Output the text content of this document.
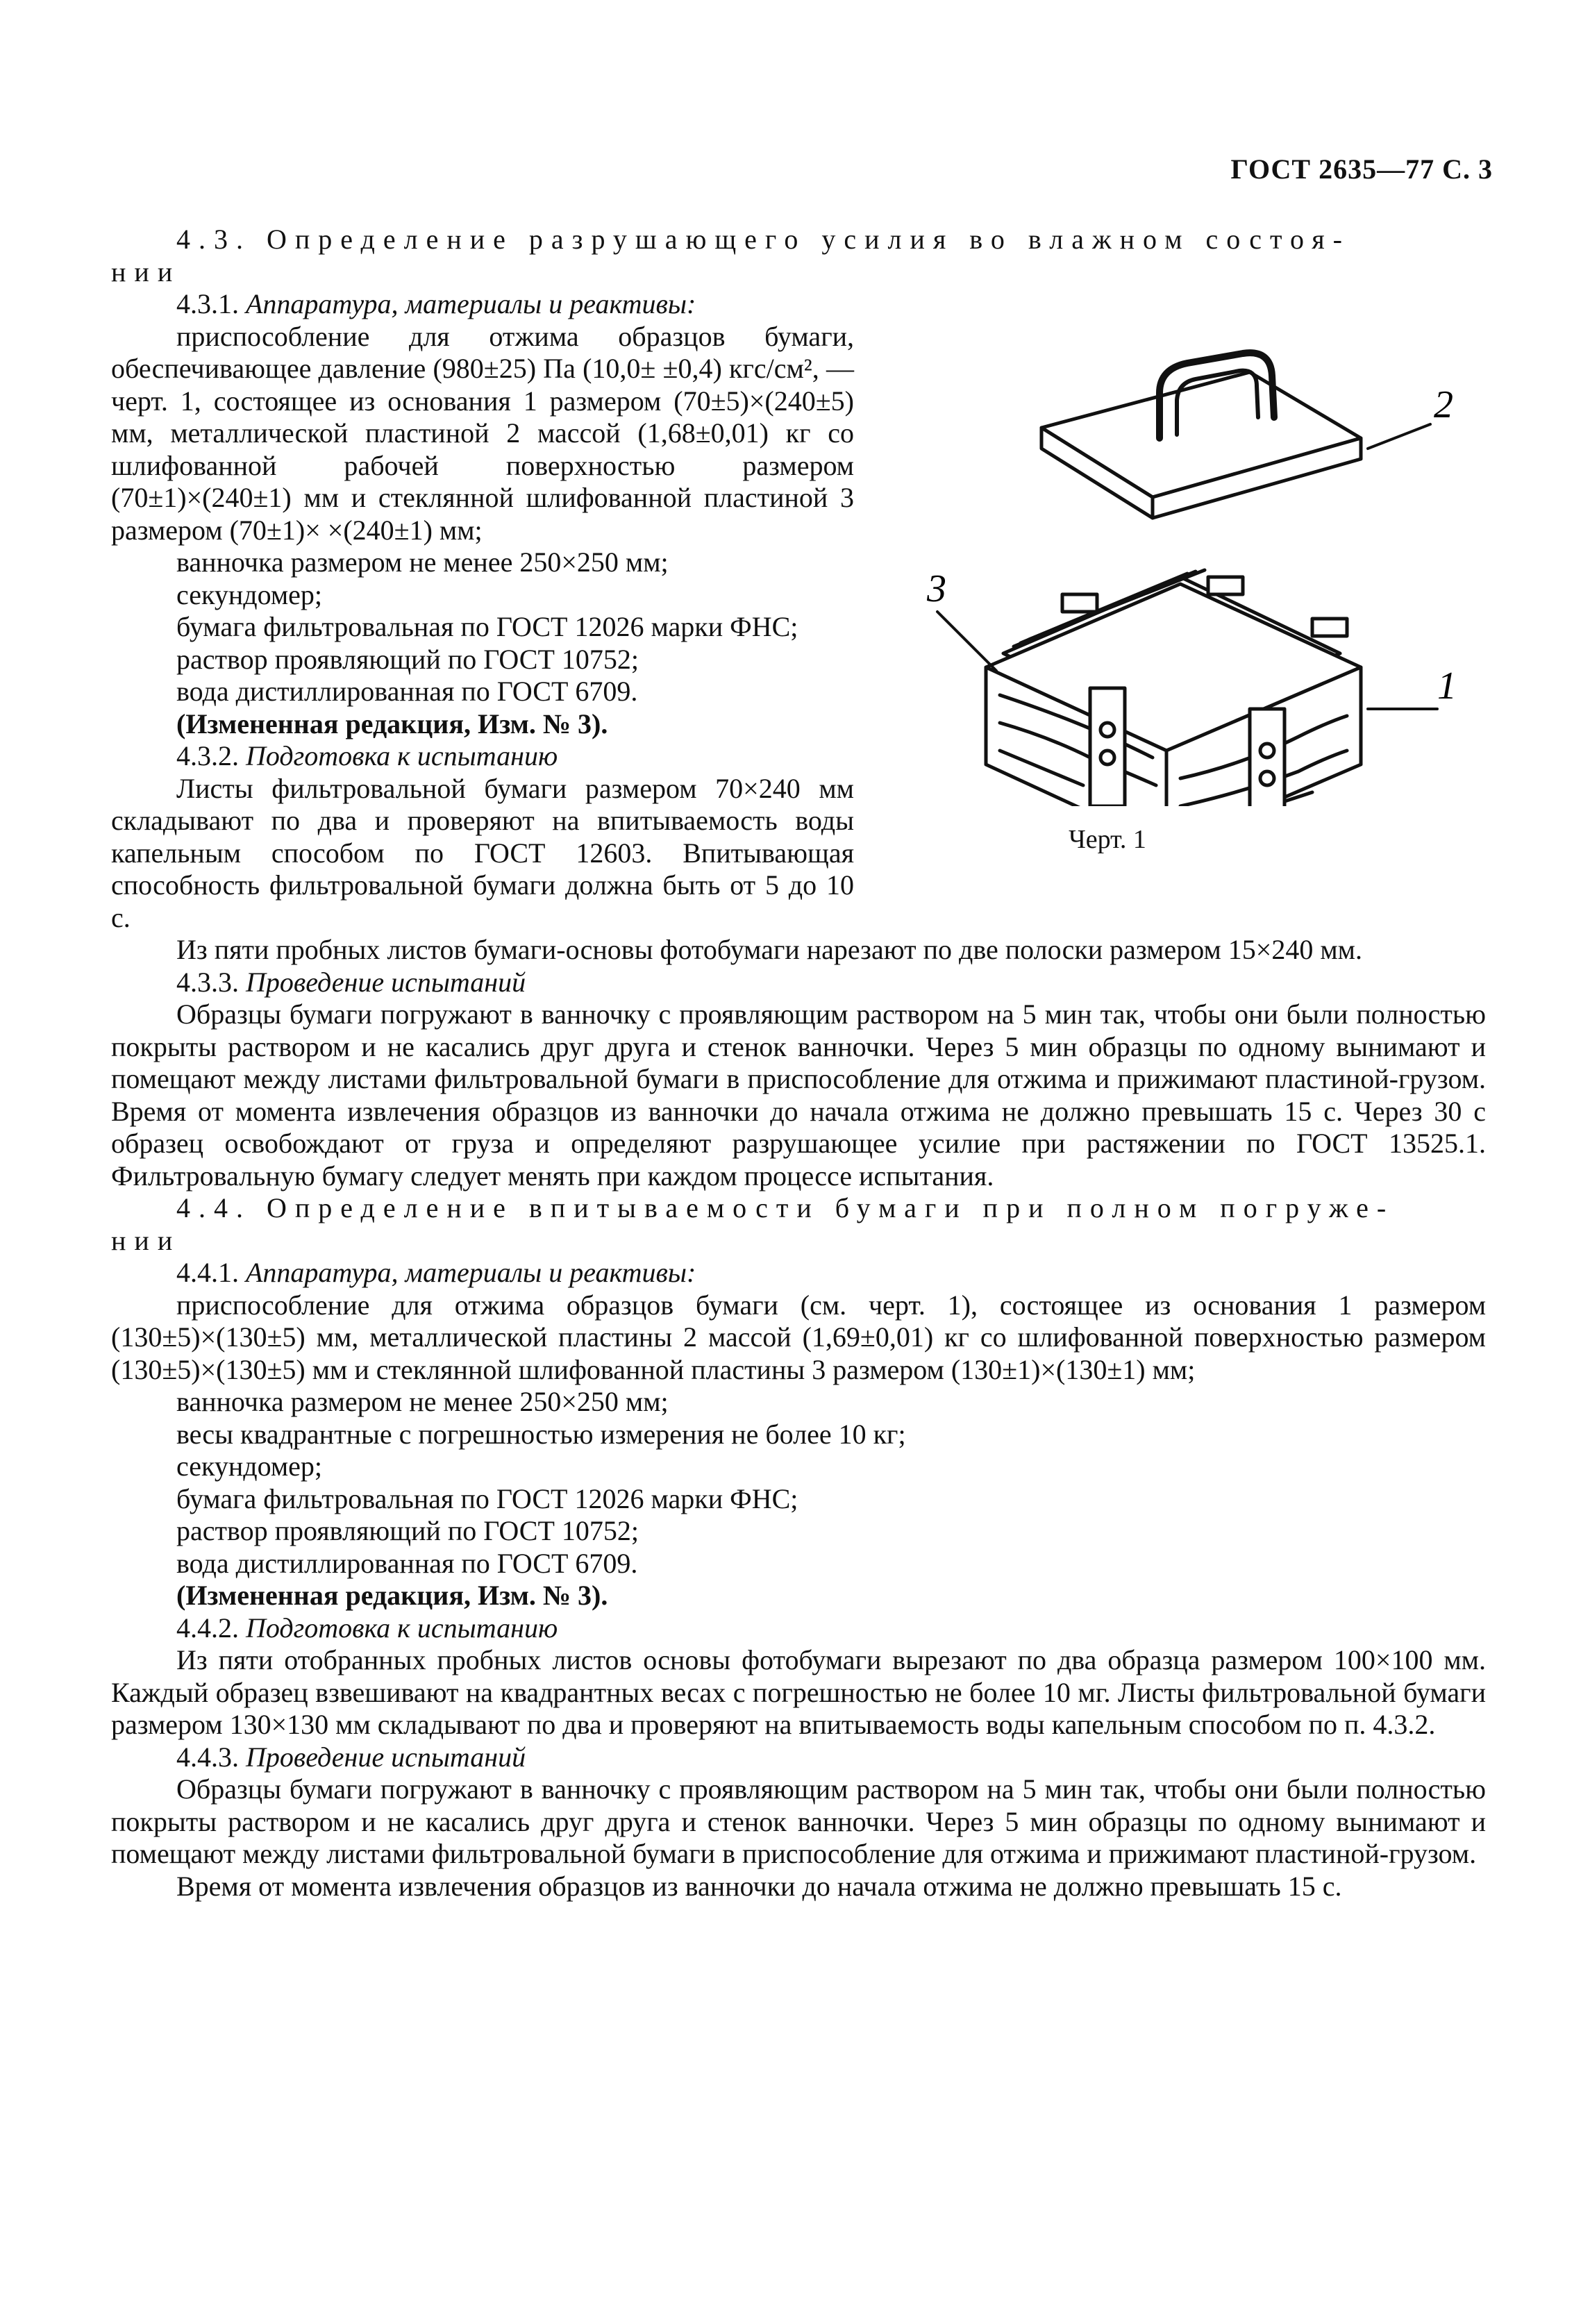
ГОСТ 2635—77 С. 3

4.3. Определение разрушающего усилия во влажном состоя-

нии

2
3
1
Черт. 1

4.3.1. Аппаратура, материалы и реактивы:

приспособление для отжима образцов бумаги, обеспечивающее давление (980±25) Па (10,0± ±0,4) кгс/см², — черт. 1, состоящее из основания 1 размером (70±5)×(240±5) мм, металлической пластиной 2 массой (1,68±0,01) кг со шлифованной рабочей поверхностью размером (70±1)×(240±1) мм и стеклянной шлифованной пластиной 3 размером (70±1)× ×(240±1) мм;

ванночка размером не менее 250×250 мм;

секундомер;

бумага фильтровальная по ГОСТ 12026 марки ФНС;

раствор проявляющий по ГОСТ 10752;

вода дистиллированная по ГОСТ 6709.

(Измененная редакция, Изм. № 3).

4.3.2. Подготовка к испытанию

Листы фильтровальной бумаги размером 70×240 мм складывают по два и проверяют на впитываемость воды капельным способом по ГОСТ 12603. Впитывающая способность фильтровальной бумаги должна быть от 5 до 10 с.

Из пяти пробных листов бумаги-основы фотобумаги нарезают по две полоски размером 15×240 мм.

4.3.3. Проведение испытаний

Образцы бумаги погружают в ванночку с проявляющим раствором на 5 мин так, чтобы они были полностью покрыты раствором и не касались друг друга и стенок ванночки. Через 5 мин образцы по одному вынимают и помещают между листами фильтровальной бумаги в приспособление для отжима и прижимают пластиной-грузом. Время от момента извлечения образцов из ванночки до начала отжима не должно превышать 15 с. Через 30 с образец освобождают от груза и определяют разрушающее усилие при растяжении по ГОСТ 13525.1. Фильтровальную бумагу следует менять при каждом процессе испытания.

4.4. Определение впитываемости бумаги при полном погруже-

нии

4.4.1. Аппаратура, материалы и реактивы:

приспособление для отжима образцов бумаги (см. черт. 1), состоящее из основания 1 размером (130±5)×(130±5) мм, металлической пластины 2 массой (1,69±0,01) кг со шлифованной поверхностью размером (130±5)×(130±5) мм и стеклянной шлифованной пластины 3 размером (130±1)×(130±1) мм;

ванночка размером не менее 250×250 мм;

весы квадрантные с погрешностью измерения не более 10 кг;

секундомер;

бумага фильтровальная по ГОСТ 12026 марки ФНС;

раствор проявляющий по ГОСТ 10752;

вода дистиллированная по ГОСТ 6709.

(Измененная редакция, Изм. № 3).

4.4.2. Подготовка к испытанию

Из пяти отобранных пробных листов основы фотобумаги вырезают по два образца размером 100×100 мм. Каждый образец взвешивают на квадрантных весах с погрешностью не более 10 мг. Листы фильтровальной бумаги размером 130×130 мм складывают по два и проверяют на впитываемость воды капельным способом по п. 4.3.2.

4.4.3. Проведение испытаний

Образцы бумаги погружают в ванночку с проявляющим раствором на 5 мин так, чтобы они были полностью покрыты раствором и не касались друг друга и стенок ванночки. Через 5 мин образцы по одному вынимают и помещают между листами фильтровальной бумаги в приспособление для отжима и прижимают пластиной-грузом.

Время от момента извлечения образцов из ванночки до начала отжима не должно превышать 15 с.
